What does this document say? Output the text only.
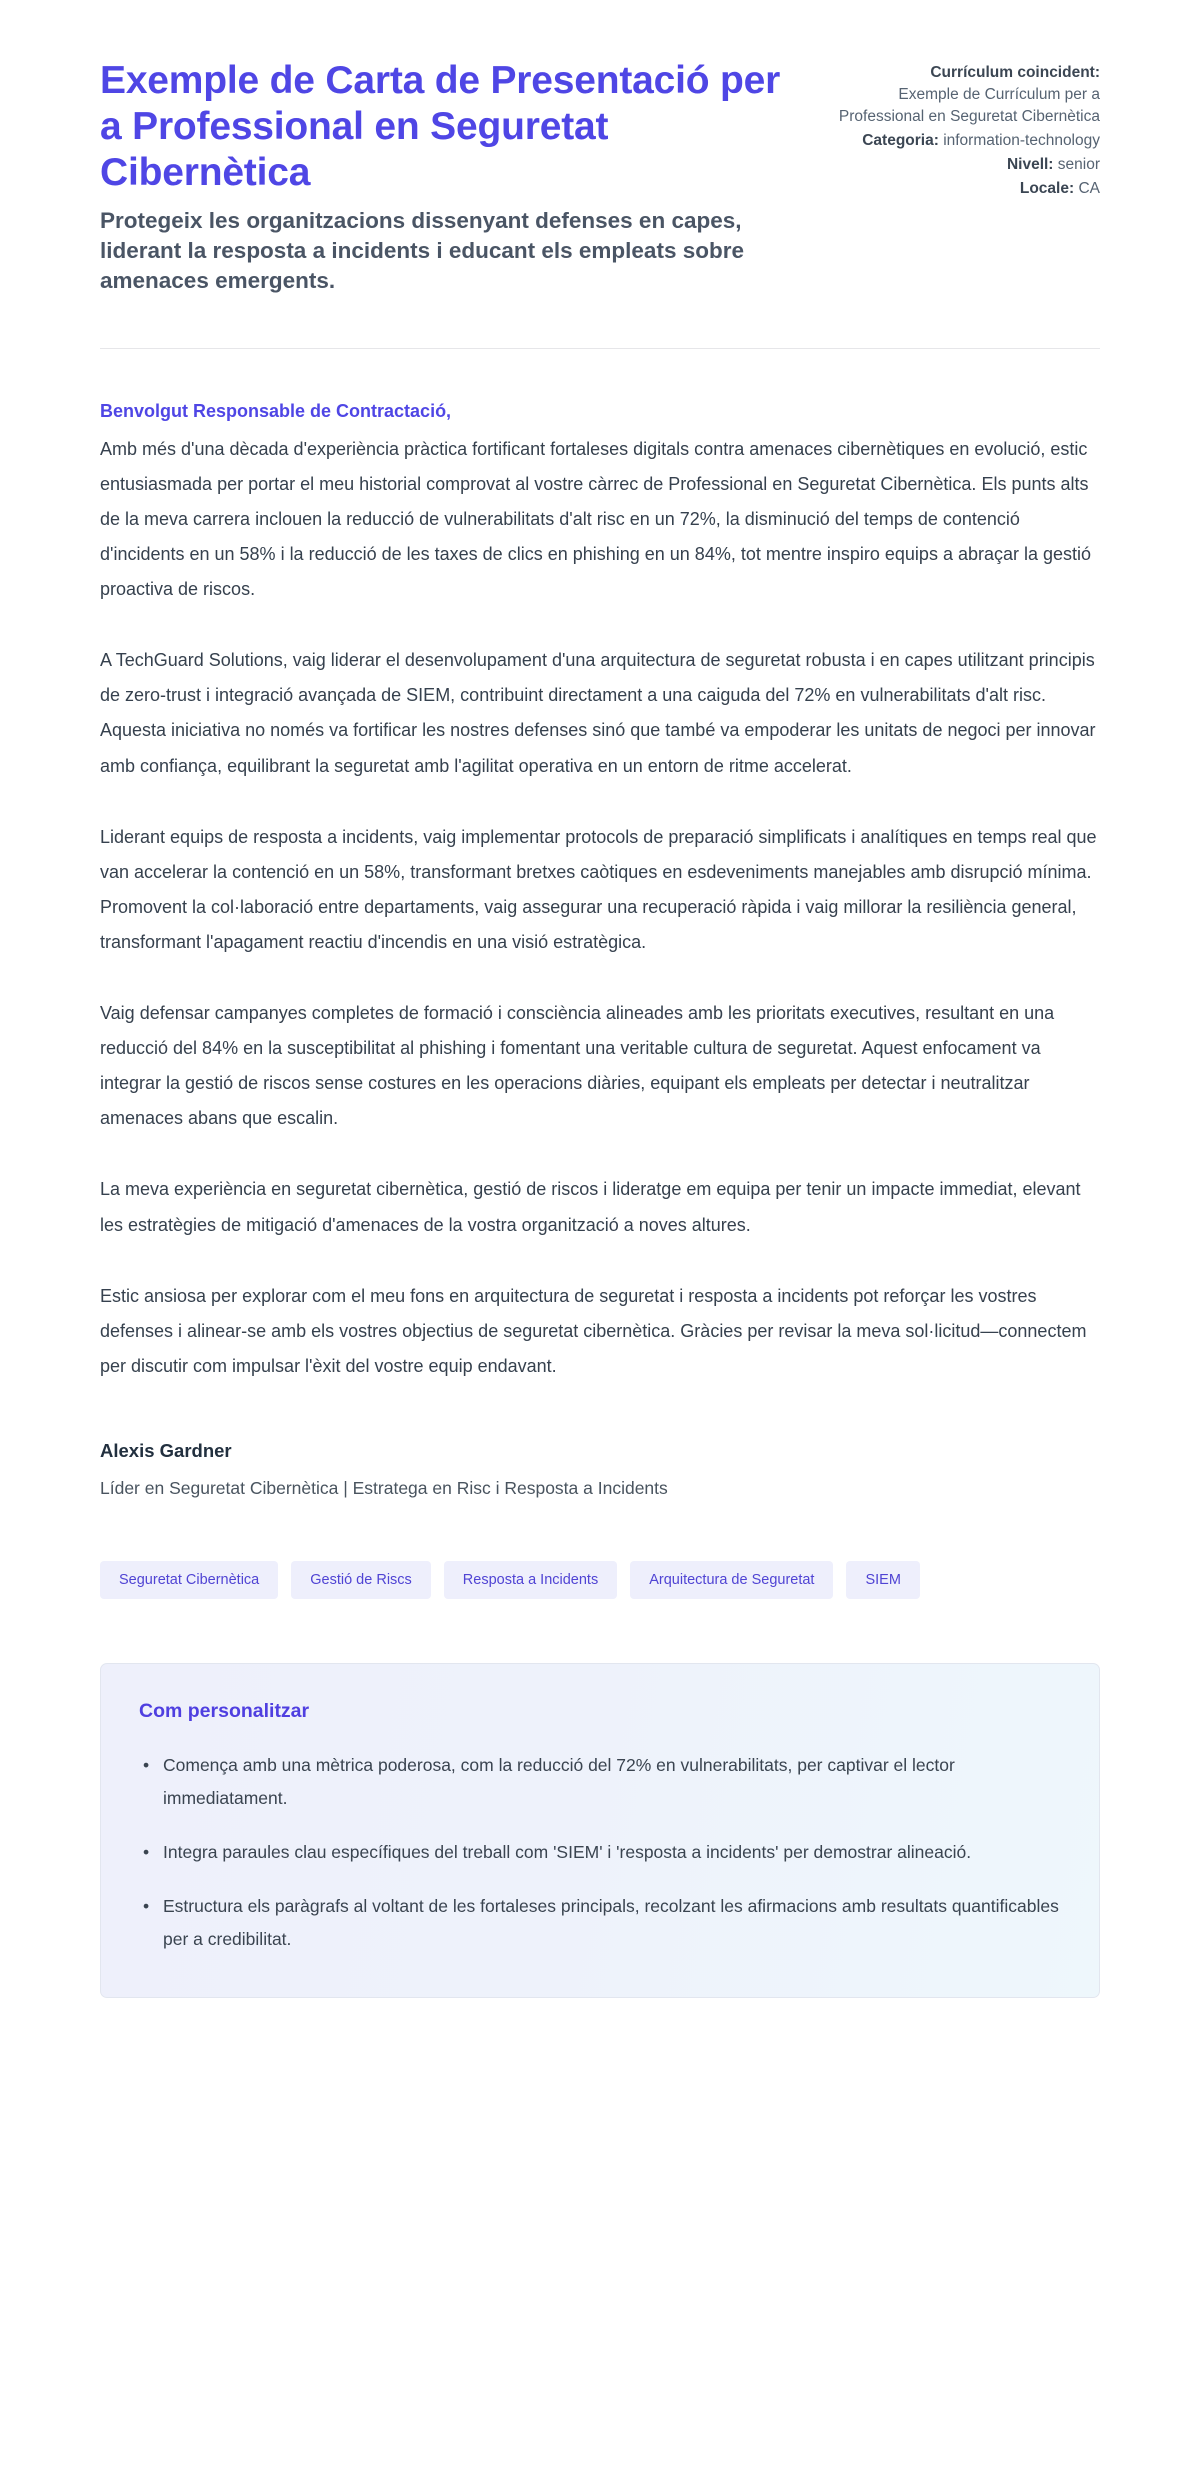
Exemple de Carta de Presentació per a Professional en Seguretat Cibernètica

Protegeix les organitzacions dissenyant defenses en capes, liderant la resposta a incidents i educant els empleats sobre amenaces emergents.

Currículum coincident:
Exemple de Currículum per a Professional en Seguretat Cibernètica
Categoria: information-technology
Nivell: senior
Locale: CA

Benvolgut Responsable de Contractació,

Amb més d'una dècada d'experiència pràctica fortificant fortaleses digitals contra amenaces cibernètiques en evolució, estic entusiasmada per portar el meu historial comprovat al vostre càrrec de Professional en Seguretat Cibernètica. Els punts alts de la meva carrera inclouen la reducció de vulnerabilitats d'alt risc en un 72%, la disminució del temps de contenció d'incidents en un 58% i la reducció de les taxes de clics en phishing en un 84%, tot mentre inspiro equips a abraçar la gestió proactiva de riscos.

A TechGuard Solutions, vaig liderar el desenvolupament d'una arquitectura de seguretat robusta i en capes utilitzant principis de zero-trust i integració avançada de SIEM, contribuint directament a una caiguda del 72% en vulnerabilitats d'alt risc. Aquesta iniciativa no només va fortificar les nostres defenses sinó que també va empoderar les unitats de negoci per innovar amb confiança, equilibrant la seguretat amb l'agilitat operativa en un entorn de ritme accelerat.

Liderant equips de resposta a incidents, vaig implementar protocols de preparació simplificats i analítiques en temps real que van accelerar la contenció en un 58%, transformant bretxes caòtiques en esdeveniments manejables amb disrupció mínima. Promovent la col·laboració entre departaments, vaig assegurar una recuperació ràpida i vaig millorar la resiliència general, transformant l'apagament reactiu d'incendis en una visió estratègica.

Vaig defensar campanyes completes de formació i consciència alineades amb les prioritats executives, resultant en una reducció del 84% en la susceptibilitat al phishing i fomentant una veritable cultura de seguretat. Aquest enfocament va integrar la gestió de riscos sense costures en les operacions diàries, equipant els empleats per detectar i neutralitzar amenaces abans que escalin.

La meva experiència en seguretat cibernètica, gestió de riscos i lideratge em equipa per tenir un impacte immediat, elevant les estratègies de mitigació d'amenaces de la vostra organització a noves altures.

Estic ansiosa per explorar com el meu fons en arquitectura de seguretat i resposta a incidents pot reforçar les vostres defenses i alinear-se amb els vostres objectius de seguretat cibernètica. Gràcies per revisar la meva sol·licitud—connectem per discutir com impulsar l'èxit del vostre equip endavant.

Alexis Gardner

Líder en Seguretat Cibernètica | Estratega en Risc i Resposta a Incidents

Seguretat Cibernètica	Gestió de Riscs	Resposta a Incidents	Arquitectura de Seguretat	SIEM
Com personalitzar
• Comença amb una mètrica poderosa, com la reducció del 72% en vulnerabilitats, per captivar el lector immediatament.
• Integra paraules clau específiques del treball com 'SIEM' i 'resposta a incidents' per demostrar alineació.
• Estructura els paràgrafs al voltant de les fortaleses principals, recolzant les afirmacions amb resultats quantificables per a credibilitat.
